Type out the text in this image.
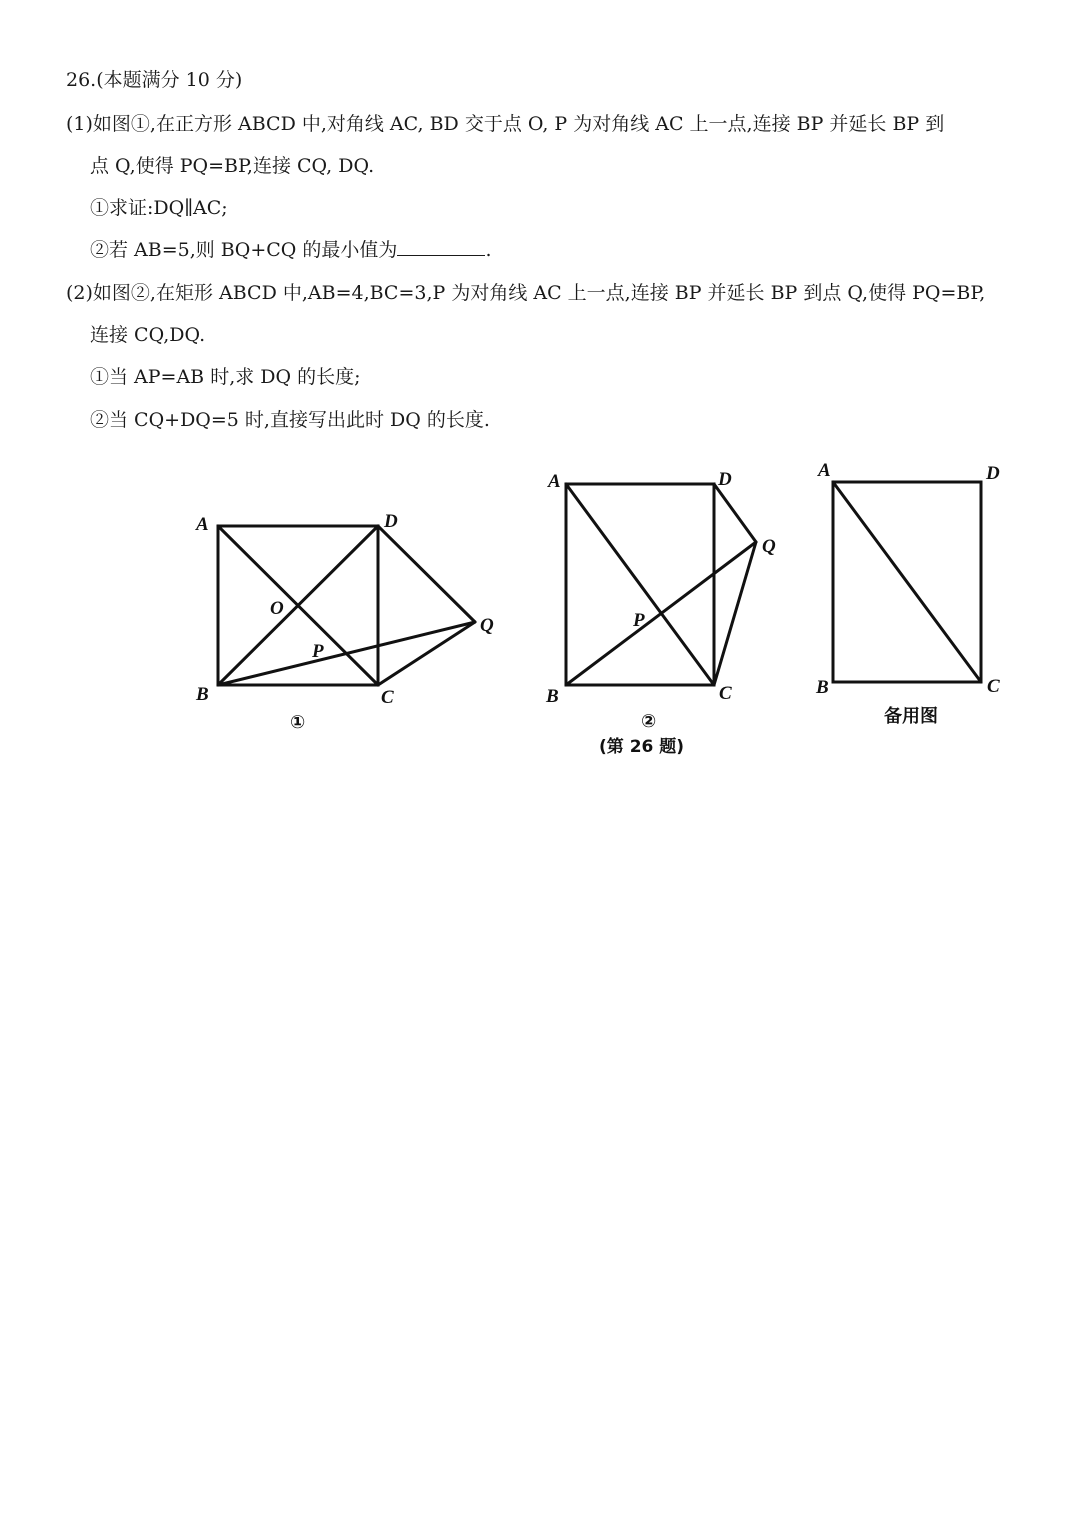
26.(本题满分 10 分)
(1)如图①,在正方形 ABCD 中,对角线 AC, BD 交于点 O, P 为对角线 AC 上一点,连接 BP 并延长 BP 到
点 Q,使得 PQ=BP,连接 CQ, DQ.
①求证:DQ∥AC;
②若 AB=5,则 BQ+CQ 的最小值为	.
(2)如图②,在矩形 ABCD 中,AB=4,BC=3,P 为对角线 AC 上一点,连接 BP 并延长 BP 到点 Q,使得 PQ=BP,
连接 CQ,DQ.
①当 AP=AB 时,求 DQ 的长度;
②当 CQ+DQ=5 时,直接写出此时 DQ 的长度.
A	D
B	C
O
P
Q
①
A	D
B	C
P
Q
②
(第 26 题)
A	D
B	C
备用图
